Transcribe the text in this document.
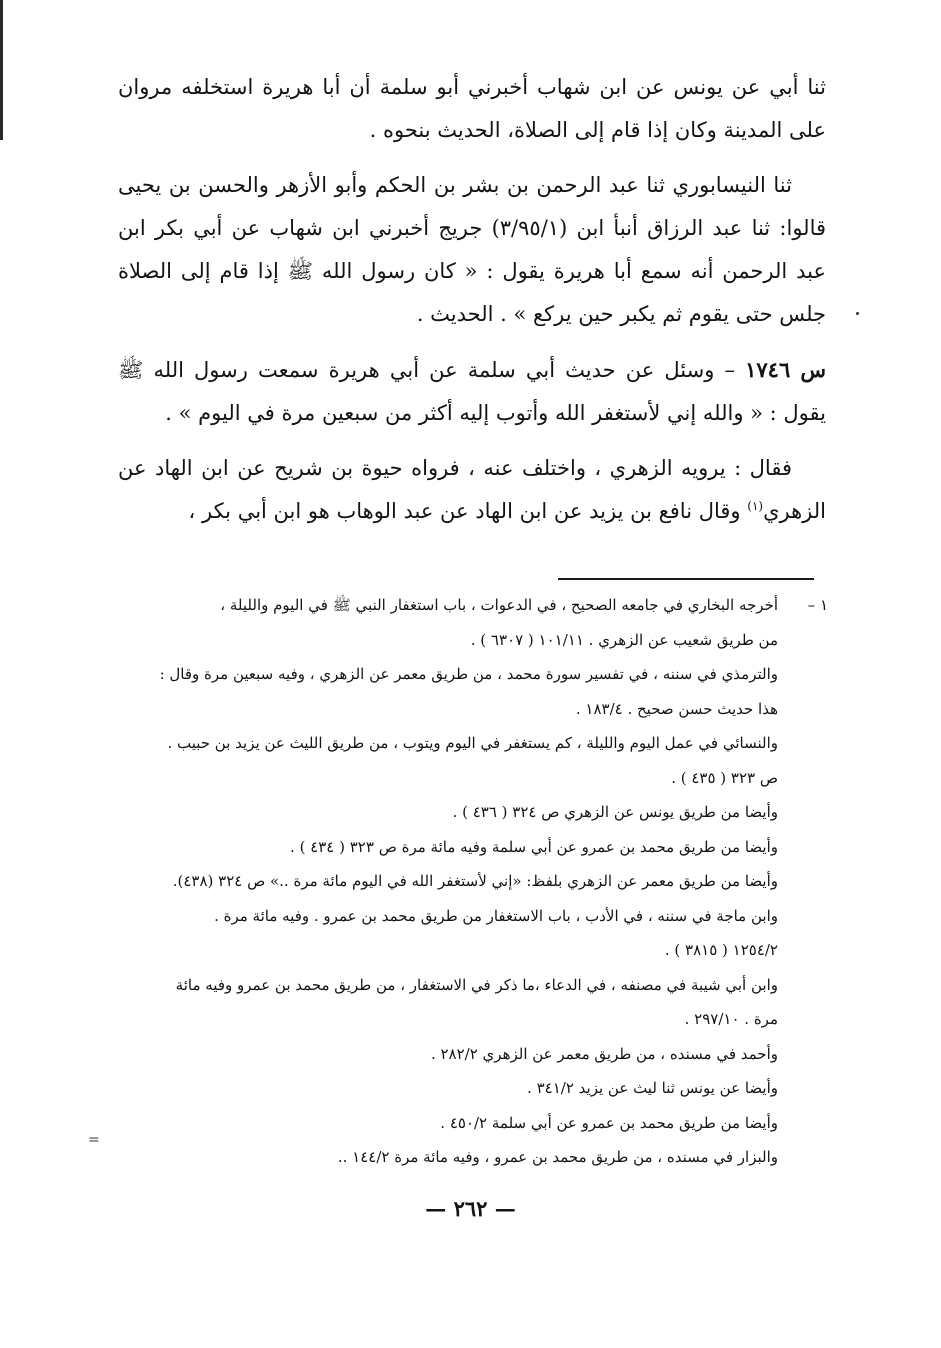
ثنا أبي عن يونس عن ابن شهاب أخبرني أبو سلمة أن أبا هريرة استخلفه مروان على المدينة وكان إذا قام إلى الصلاة، الحديث بنحوه .

ثنا النيسابوري ثنا عبد الرحمن بن بشر بن الحكم وأبو الأزهر والحسن بن يحيى قالوا: ثنا عبد الرزاق أنبأ ابن (٣/٩٥/١) جريج أخبرني ابن شهاب عن أبي بكر ابن عبد الرحمن أنه سمع أبا هريرة يقول : « كان رسول الله ﷺ إذا قام إلى الصلاة جلس حتى يقوم ثم يكبر حين يركع » . الحديث .

س ١٧٤٦ – وسئل عن حديث أبي سلمة عن أبي هريرة سمعت رسول الله ﷺ يقول : « والله إني لأستغفر الله وأتوب إليه أكثر من سبعين مرة في اليوم » .

فقال : يرويه الزهري ، واختلف عنه ، فرواه حيوة بن شريح عن ابن الهاد عن الزهري$^{(١)}$ وقال نافع بن يزيد عن ابن الهاد عن عبد الوهاب هو ابن أبي بكر ،

١ –
أخرجه البخاري في جامعه الصحيح ، في الدعوات ، باب استغفار النبي ﷺ في اليوم والليلة ،
من طريق شعيب عن الزهري . ١٠١/١١ ( ٦٣٠٧ ) .
والترمذي في سننه ، في تفسير سورة محمد ، من طريق معمر عن الزهري ، وفيه سبعين مرة وقال :
هذا حديث حسن صحيح . ١٨٣/٤ .
والنسائي في عمل اليوم والليلة ، كم يستغفر في اليوم ويتوب ، من طريق الليث عن يزيد بن حبيب .
ص ٣٢٣ ( ٤٣٥ ) .
وأيضا من طريق يونس عن الزهري ص ٣٢٤ ( ٤٣٦ ) .
وأيضا من طريق محمد بن عمرو عن أبي سلمة وفيه مائة مرة ص ٣٢٣ ( ٤٣٤ ) .
وأيضا من طريق معمر عن الزهري بلفظ: «إني لأستغفر الله في اليوم مائة مرة ..» ص ٣٢٤ (٤٣٨).
وابن ماجة في سننه ، في الأدب ، باب الاستغفار من طريق محمد بن عمرو . وفيه مائة مرة .
١٢٥٤/٢ ( ٣٨١٥ ) .
وابن أبي شيبة في مصنفه ، في الدعاء ،ما ذكر في الاستغفار ، من طريق محمد بن عمرو وفيه مائة
مرة . ٢٩٧/١٠ .
وأحمد في مسنده ، من طريق معمر عن الزهري ٢٨٢/٢ .
وأيضا عن يونس ثنا ليث عن يزيد ٣٤١/٢ .
وأيضا من طريق محمد بن عمرو عن أبي سلمة ٤٥٠/٢ .
والبزار في مسنده ، من طريق محمد بن عمرو ، وفيه مائة مرة ١٤٤/٢ ..
=
— ٢٦٢ —
